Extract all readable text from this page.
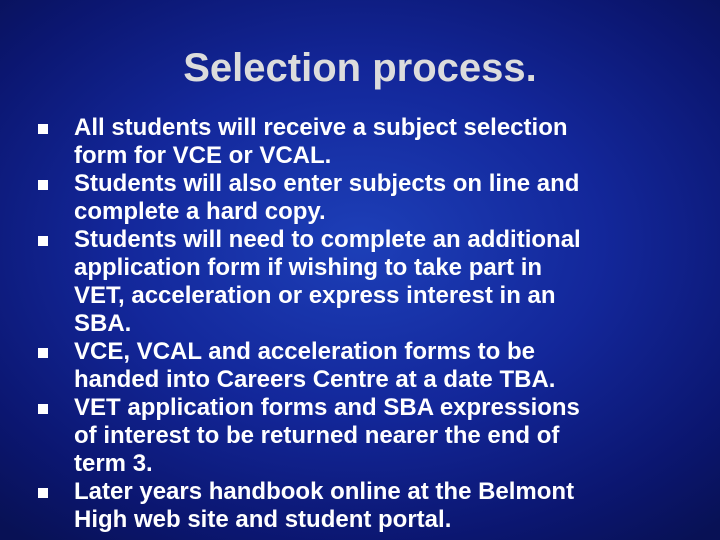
Selection process.
All students will receive a subject selection
form for VCE or VCAL.
Students will also enter subjects on line and
complete a hard copy.
Students will need to complete an additional
application form if wishing to take part in
VET, acceleration or express interest in an
SBA.
VCE, VCAL and acceleration forms to be
handed into Careers Centre at a date TBA.
VET application forms and SBA expressions
of interest to be returned nearer the end of
term 3.
Later years handbook online at the Belmont
High web site and student portal.
